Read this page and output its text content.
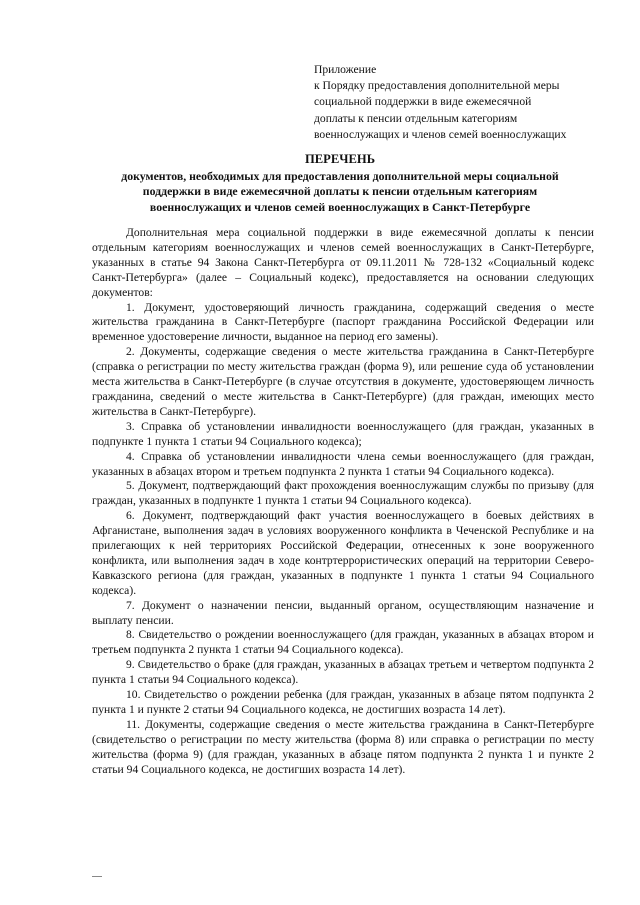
Приложение
к Порядку предоставления дополнительной меры
социальной поддержки в виде ежемесячной
доплаты к пенсии отдельным категориям
военнослужащих и членов семей военнослужащих
ПЕРЕЧЕНЬ
документов, необходимых для предоставления дополнительной меры социальной
поддержки в виде ежемесячной доплаты к пенсии отдельным категориям
военнослужащих и членов семей военнослужащих в Санкт-Петербурге

Дополнительная мера социальной поддержки в виде ежемесячной доплаты к пенсии отдельным категориям военнослужащих и членов семей военнослужащих в Санкт-Петербурге, указанных в статье 94 Закона Санкт-Петербурга от 09.11.2011 № 728-132 «Социальный кодекс Санкт-Петербурга» (далее – Социальный кодекс), предоставляется на основании следующих документов:

1. Документ, удостоверяющий личность гражданина, содержащий сведения о месте жительства гражданина в Санкт-Петербурге (паспорт гражданина Российской Федерации или временное удостоверение личности, выданное на период его замены).

2. Документы, содержащие сведения о месте жительства гражданина в Санкт-Петербурге (справка о регистрации по месту жительства граждан (форма 9), или решение суда об установлении места жительства в Санкт-Петербурге (в случае отсутствия в документе, удостоверяющем личность гражданина, сведений о месте жительства в Санкт-Петербурге) (для граждан, имеющих место жительства в Санкт-Петербурге).

3. Справка об установлении инвалидности военнослужащего (для граждан, указанных в подпункте 1 пункта 1 статьи 94 Социального кодекса);

4. Справка об установлении инвалидности члена семьи военнослужащего (для граждан, указанных в абзацах втором и третьем подпункта 2 пункта 1 статьи 94 Социального кодекса).

5. Документ, подтверждающий факт прохождения военнослужащим службы по призыву (для граждан, указанных в подпункте 1 пункта 1 статьи 94 Социального кодекса).

6. Документ, подтверждающий факт участия военнослужащего в боевых действиях в Афганистане, выполнения задач в условиях вооруженного конфликта в Чеченской Республике и на прилегающих к ней территориях Российской Федерации, отнесенных к зоне вооруженного конфликта, или выполнения задач в ходе контртеррористических операций на территории Северо-Кавказского региона (для граждан, указанных в подпункте 1 пункта 1 статьи 94 Социального кодекса).

7. Документ о назначении пенсии, выданный органом, осуществляющим назначение и выплату пенсии.

8. Свидетельство о рождении военнослужащего (для граждан, указанных в абзацах втором и третьем подпункта 2 пункта 1 статьи 94 Социального кодекса).

9. Свидетельство о браке (для граждан, указанных в абзацах третьем и четвертом подпункта 2 пункта 1 статьи 94 Социального кодекса).

10. Свидетельство о рождении ребенка (для граждан, указанных в абзаце пятом подпункта 2 пункта 1 и пункте 2 статьи 94 Социального кодекса, не достигших возраста 14 лет).

11. Документы, содержащие сведения о месте жительства гражданина в Санкт-Петербурге (свидетельство о регистрации по месту жительства (форма 8) или справка о регистрации по месту жительства (форма 9) (для граждан, указанных в абзаце пятом подпункта 2 пункта 1 и пункте 2 статьи 94 Социального кодекса, не достигших возраста 14 лет).
